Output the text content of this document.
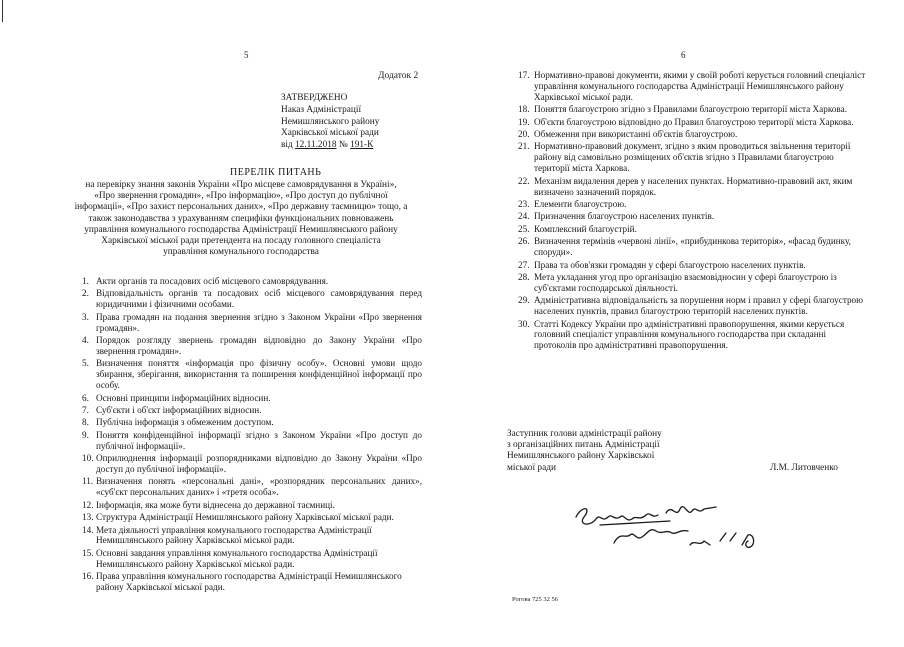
5
Додаток 2
ЗАТВЕРДЖЕНО
Наказ Адміністрації
Немишлянського району
Харківської міської ради
від 12.11.2018 № 191-К
ПЕРЕЛІК ПИТАНЬ
на перевірку знання законів України «Про місцеве самоврядування в Україні»,
«Про звернення громадян», «Про інформацію», «Про доступ до публічної
інформації», «Про захист персональних даних», «Про державну таємницю» тощо, а
також законодавства з урахуванням специфіки функціональних повноважень
управління комунального господарства Адміністрації Немишлянського району
Харківської міської ради претендента на посаду головного спеціаліста
управління комунального господарства
1. Акти органів та посадових осіб місцевого самоврядування.
2. Відповідальність органів та посадових осіб місцевого самоврядування перед юридичними і фізичними особами.
3. Права громадян на подання звернення згідно з Законом України «Про звернення громадян».
4. Порядок розгляду звернень громадян відповідно до Закону України «Про звернення громадян».
5. Визначення поняття «інформація про фізичну особу». Основні умови щодо збирання, зберігання, використання та поширення конфіденційної інформації про особу.
6. Основні принципи інформаційних відносин.
7. Суб'єкти і об'єкт інформаційних відносин.
8. Публічна інформація з обмеженим доступом.
9. Поняття конфіденційної інформації згідно з Законом України «Про доступ до публічної інформації».
10. Оприлюднення інформації розпорядниками відповідно до Закону України «Про доступ до публічної інформації».
11. Визначення понять «персональні дані», «розпорядник персональних даних», «суб'єкт персональних даних» і «третя особа».
12. Інформація, яка може бути віднесена до державної таємниці.
13. Структура Адміністрації Немишлянського району Харківської міської ради.
14. Мета діяльності управління комунального господарства Адміністрації Немишлянського району Харківської міської ради.
15. Основні завдання управління комунального господарства Адміністрації Немишлянського району Харківської міської ради.
16. Права управління комунального господарства Адміністрації Немишлянського району Харківської міської ради.
6
17. Нормативно-правові документи, якими у своїй роботі керується головний спеціаліст управління комунального господарства Адміністрації Немишлянського району Харківської міської ради.
18. Поняття благоустрою згідно з Правилами благоустрою території міста Харкова.
19. Об'єкти благоустрою відповідно до Правил благоустрою території міста Харкова.
20. Обмеження при використанні об'єктів благоустрою.
21. Нормативно-правовий документ, згідно з яким проводиться звільнення території району від самовільно розміщених об'єктів згідно з Правилами благоустрою території міста Харкова.
22. Механізм видалення дерев у населених пунктах. Нормативно-правовий акт, яким визначено зазначений порядок.
23. Елементи благоустрою.
24. Призначення благоустрою населених пунктів.
25. Комплексний благоустрій.
26. Визначення термінів «червоні лінії», «прибудинкова територія», «фасад будинку, споруди».
27. Права та обов'язки громадян у сфері благоустрою населених пунктів.
28. Мета укладання угод про організацію взаємовідносин у сфері благоустрою із суб'єктами господарської діяльності.
29. Адміністративна відповідальність за порушення норм і правил у сфері благоустрою населених пунктів, правил благоустрою територій населених пунктів.
30. Статті Кодексу України про адміністративні правопорушення, якими керується головний спеціаліст управління комунального господарства при складанні протоколів про адміністративні правопорушення.
Заступник голови адміністрації району
з організаційних питань Адміністрації
Немишлянського району Харківської
міської ради	Л.М. Литовченко
Рогова 725 32 56
